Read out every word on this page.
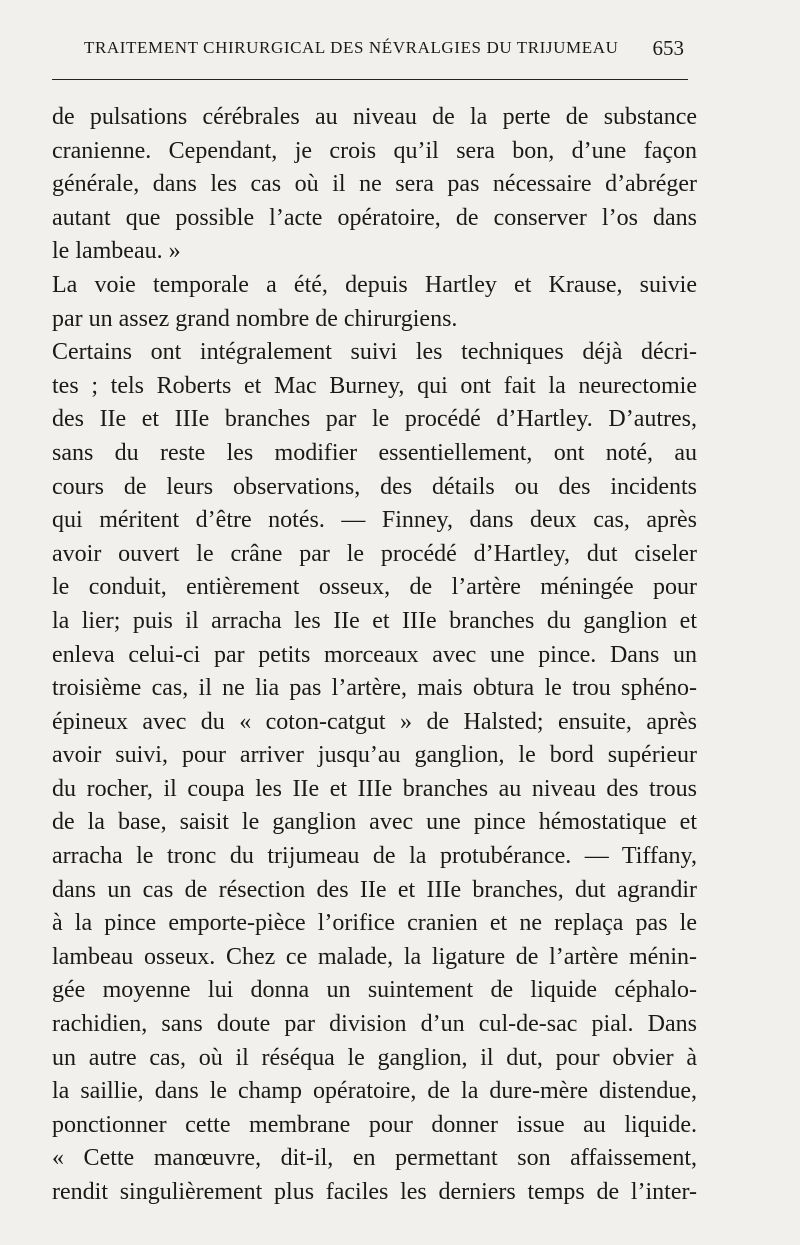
TRAITEMENT CHIRURGICAL DES NÉVRALGIES DU TRIJUMEAU 653
de pulsations cérébrales au niveau de la perte de substance
cranienne. Cependant, je crois qu’il sera bon, d’une façon
générale, dans les cas où il ne sera pas nécessaire d’abréger
autant que possible l’acte opératoire, de conserver l’os dans
le lambeau. »
La voie temporale a été, depuis Hartley et Krause, suivie
par un assez grand nombre de chirurgiens.
Certains ont intégralement suivi les techniques déjà décri-
tes ; tels Roberts et Mac Burney, qui ont fait la neurectomie
des IIe et IIIe branches par le procédé d’Hartley. D’autres,
sans du reste les modifier essentiellement, ont noté, au
cours de leurs observations, des détails ou des incidents
qui méritent d’être notés. — Finney, dans deux cas, après
avoir ouvert le crâne par le procédé d’Hartley, dut ciseler
le conduit, entièrement osseux, de l’artère méningée pour
la lier; puis il arracha les IIe et IIIe branches du ganglion et
enleva celui-ci par petits morceaux avec une pince. Dans un
troisième cas, il ne lia pas l’artère, mais obtura le trou sphéno-
épineux avec du « coton-catgut » de Halsted; ensuite, après
avoir suivi, pour arriver jusqu’au ganglion, le bord supérieur
du rocher, il coupa les IIe et IIIe branches au niveau des trous
de la base, saisit le ganglion avec une pince hémostatique et
arracha le tronc du trijumeau de la protubérance. — Tiffany,
dans un cas de résection des IIe et IIIe branches, dut agrandir
à la pince emporte-pièce l’orifice cranien et ne replaça pas le
lambeau osseux. Chez ce malade, la ligature de l’artère ménin-
gée moyenne lui donna un suintement de liquide céphalo-
rachidien, sans doute par division d’un cul-de-sac pial. Dans
un autre cas, où il réséqua le ganglion, il dut, pour obvier à
la saillie, dans le champ opératoire, de la dure-mère distendue,
ponctionner cette membrane pour donner issue au liquide.
« Cette manœuvre, dit-il, en permettant son affaissement,
rendit singulièrement plus faciles les derniers temps de l’inter-
